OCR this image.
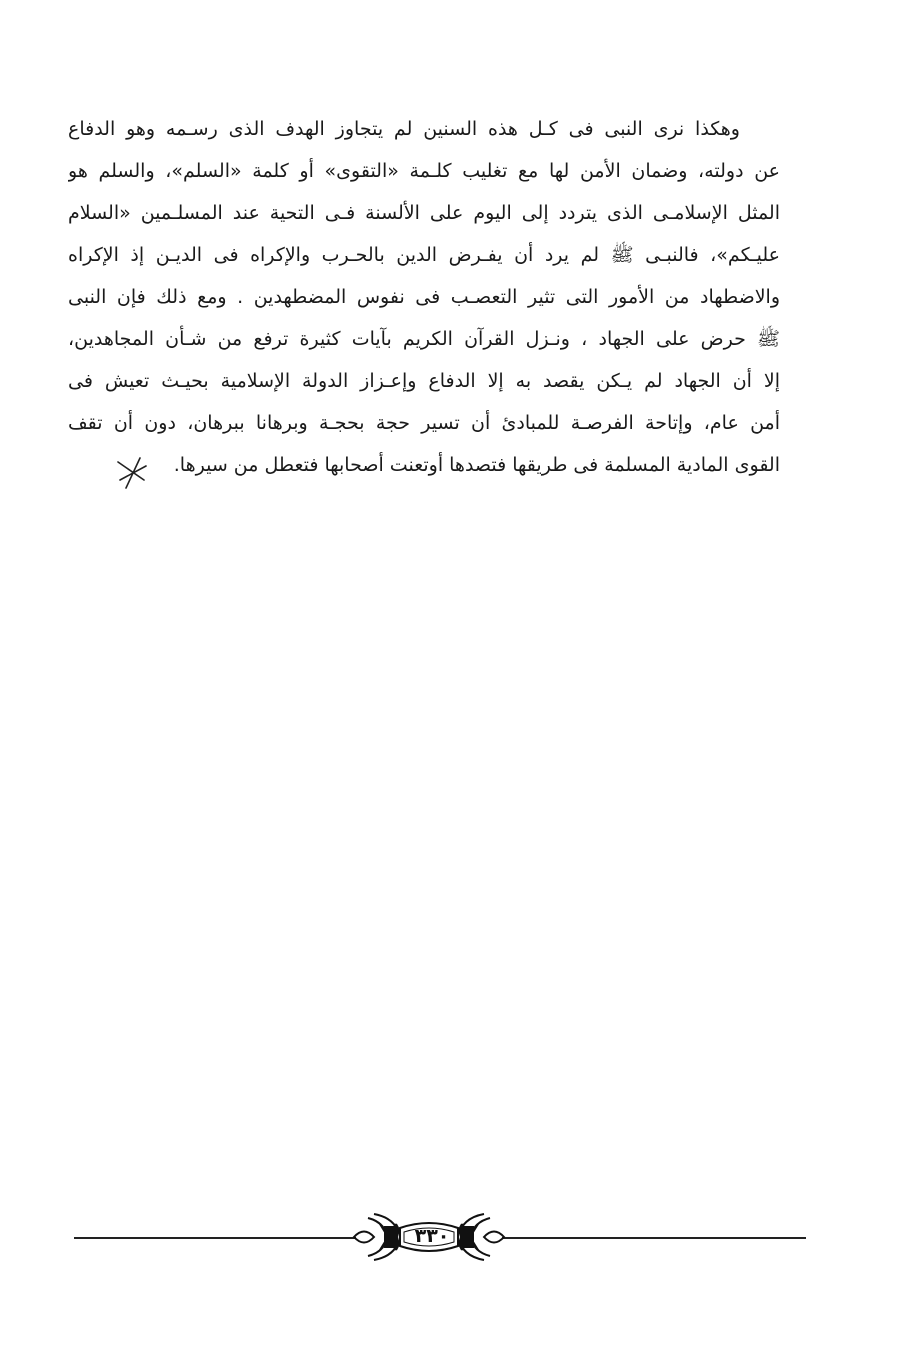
وهكذا نرى النبى فى كـل هذه السنين لم يتجاوز الهدف الذى رسـمه وهو الدفاع
عن دولته، وضمان الأمن لها مع تغليب كلـمة «التقوى» أو كلمة «السلم»، والسلم هو
المثل الإسلامـى الذى يتردد إلى اليوم على الألسنة فـى التحية عند المسلـمين «السلام
عليـكم»، فالنبـى ﷺ لم يرد أن يفـرض الدين بالحـرب والإكراه فى الديـن إذ الإكراه
والاضطهاد من الأمور التى تثير التعصـب فى نفوس المضطهدين . ومع ذلك فإن النبى
ﷺ حرض على الجهاد ، ونـزل القرآن الكريم بآيات كثيرة ترفع من شـأن المجاهدين،
إلا أن الجهاد لم يـكن يقصد به إلا الدفاع وإعـزاز الدولة الإسلامية بحيـث تعيش فى
أمن عام، وإتاحة الفرصـة للمبادئ أن تسير حجة بحجـة وبرهانا ببرهان، دون أن تقف
القوى المادية المسلمة فى طريقها فتصدها أوتعنت أصحابها فتعطل من سيرها.
٣٣٠
